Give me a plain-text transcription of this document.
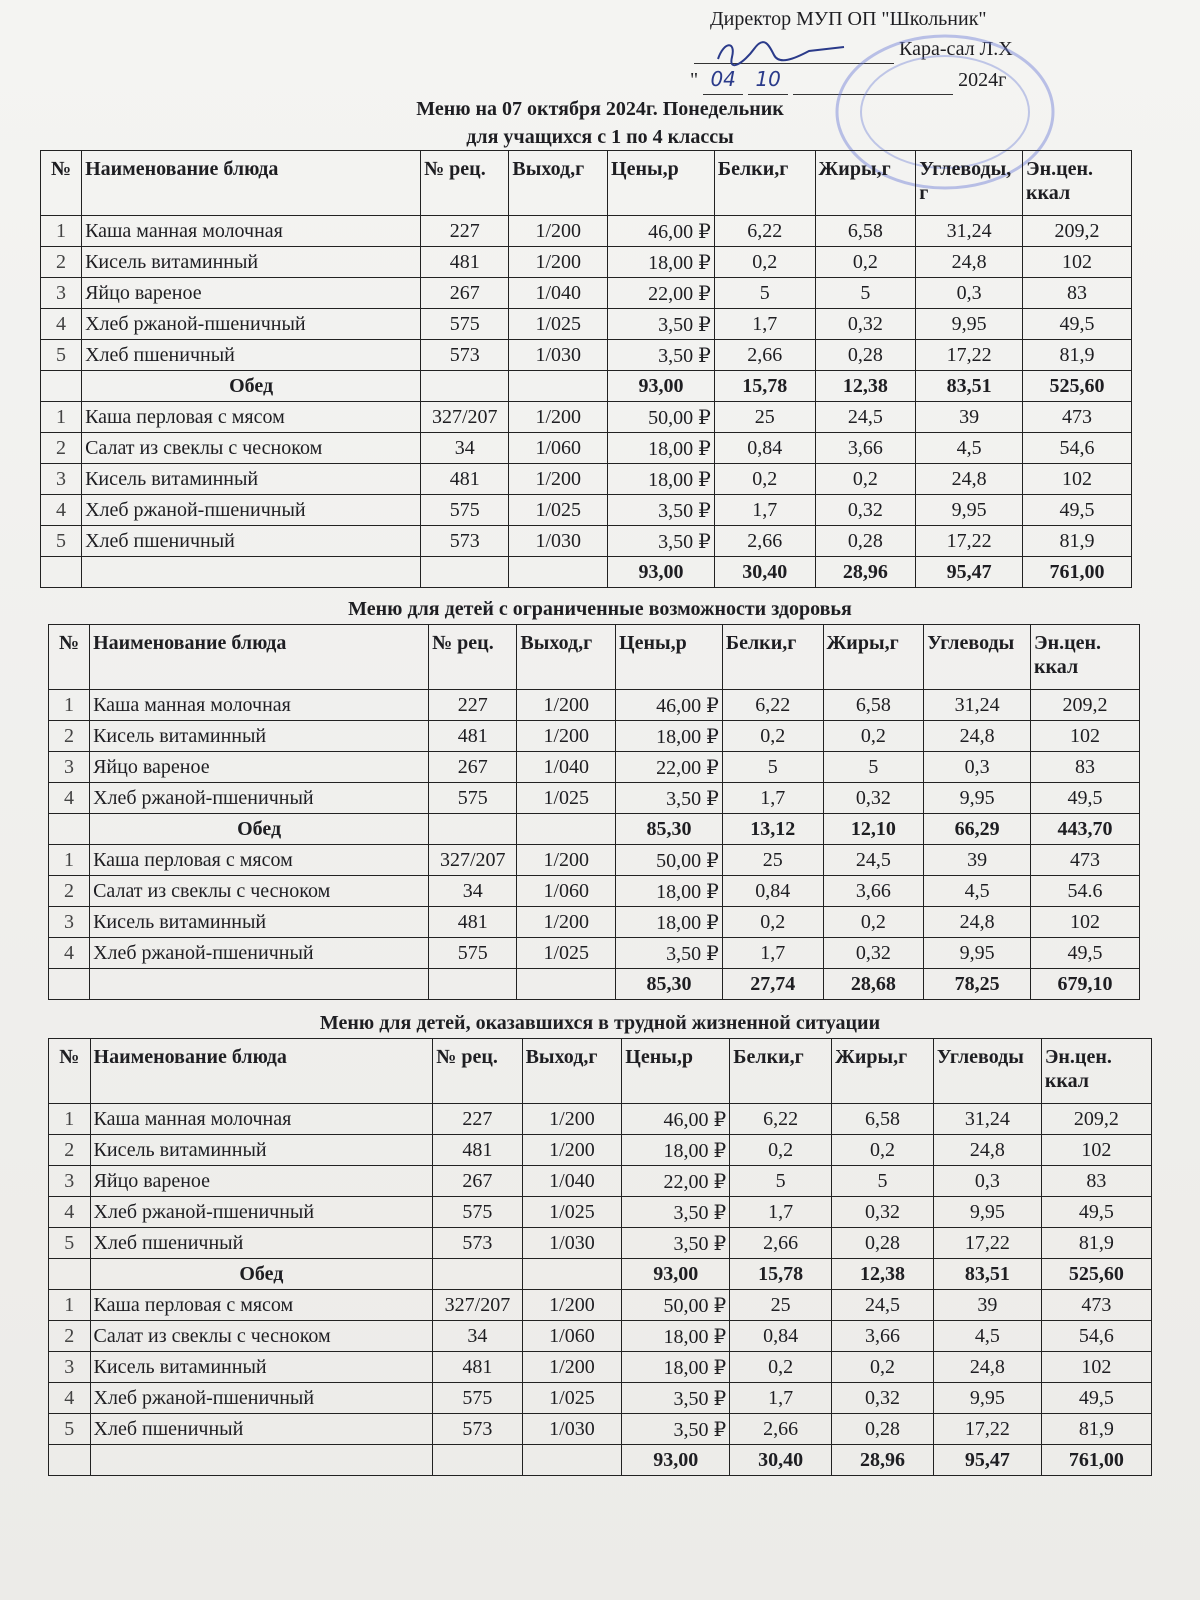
Директор МУП ОП "Школьник"
Кара-сал Л.Х
" 04 10	2024г
Меню на 07 октября 2024г. Понедельник
для учащихся с 1 по 4 классы
№	Наименование блюда	№ рец.	Выход,г	Цены,р	Белки,г	Жиры,г	Углеводы, г	Эн.цен. ккал
1	Каша манная молочная	227	1/200	46,00 ₽	6,22	6,58	31,24	209,2
2	Кисель витаминный	481	1/200	18,00 ₽	0,2	0,2	24,8	102
3	Яйцо вареное	267	1/040	22,00 ₽	5	5	0,3	83
4	Хлеб ржаной-пшеничный	575	1/025	3,50 ₽	1,7	0,32	9,95	49,5
5	Хлеб пшеничный	573	1/030	3,50 ₽	2,66	0,28	17,22	81,9
	Обед			93,00	15,78	12,38	83,51	525,60
1	Каша перловая с мясом	327/207	1/200	50,00 ₽	25	24,5	39	473
2	Салат из свеклы с чесноком	34	1/060	18,00 ₽	0,84	3,66	4,5	54,6
3	Кисель витаминный	481	1/200	18,00 ₽	0,2	0,2	24,8	102
4	Хлеб ржаной-пшеничный	575	1/025	3,50 ₽	1,7	0,32	9,95	49,5
5	Хлеб пшеничный	573	1/030	3,50 ₽	2,66	0,28	17,22	81,9
				93,00	30,40	28,96	95,47	761,00
Меню для детей с ограниченные возможности здоровья
№	Наименование блюда	№ рец.	Выход,г	Цены,р	Белки,г	Жиры,г	Углеводы	Эн.цен. ккал
1	Каша манная молочная	227	1/200	46,00 ₽	6,22	6,58	31,24	209,2
2	Кисель витаминный	481	1/200	18,00 ₽	0,2	0,2	24,8	102
3	Яйцо вареное	267	1/040	22,00 ₽	5	5	0,3	83
4	Хлеб ржаной-пшеничный	575	1/025	3,50 ₽	1,7	0,32	9,95	49,5
	Обед			85,30	13,12	12,10	66,29	443,70
1	Каша перловая с мясом	327/207	1/200	50,00 ₽	25	24,5	39	473
2	Салат из свеклы с чесноком	34	1/060	18,00 ₽	0,84	3,66	4,5	54.6
3	Кисель витаминный	481	1/200	18,00 ₽	0,2	0,2	24,8	102
4	Хлеб ржаной-пшеничный	575	1/025	3,50 ₽	1,7	0,32	9,95	49,5
				85,30	27,74	28,68	78,25	679,10
Меню для детей, оказавшихся в трудной жизненной ситуации
№	Наименование блюда	№ рец.	Выход,г	Цены,р	Белки,г	Жиры,г	Углеводы	Эн.цен. ккал
1	Каша манная молочная	227	1/200	46,00 ₽	6,22	6,58	31,24	209,2
2	Кисель витаминный	481	1/200	18,00 ₽	0,2	0,2	24,8	102
3	Яйцо вареное	267	1/040	22,00 ₽	5	5	0,3	83
4	Хлеб ржаной-пшеничный	575	1/025	3,50 ₽	1,7	0,32	9,95	49,5
5	Хлеб пшеничный	573	1/030	3,50 ₽	2,66	0,28	17,22	81,9
	Обед			93,00	15,78	12,38	83,51	525,60
1	Каша перловая с мясом	327/207	1/200	50,00 ₽	25	24,5	39	473
2	Салат из свеклы с чесноком	34	1/060	18,00 ₽	0,84	3,66	4,5	54,6
3	Кисель витаминный	481	1/200	18,00 ₽	0,2	0,2	24,8	102
4	Хлеб ржаной-пшеничный	575	1/025	3,50 ₽	1,7	0,32	9,95	49,5
5	Хлеб пшеничный	573	1/030	3,50 ₽	2,66	0,28	17,22	81,9
				93,00	30,40	28,96	95,47	761,00
